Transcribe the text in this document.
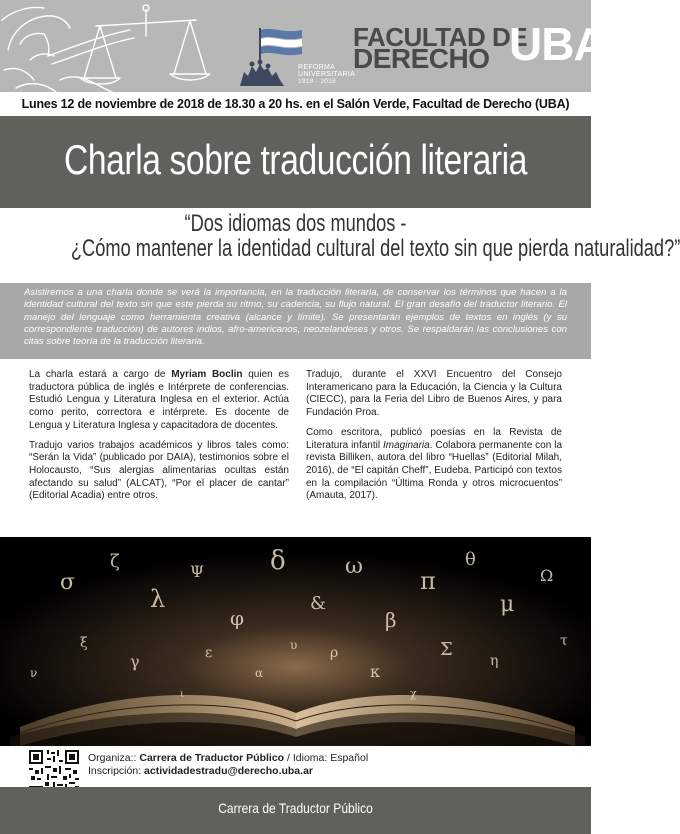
REFORMA
UNIVERSITARIA
1918 - 2018
FACULTAD DE
DERECHO UBA
Lunes 12 de noviembre de 2018 de 18.30 a 20 hs. en el Salón Verde, Facultad de Derecho (UBA)
Charla sobre traducción literaria
“Dos idiomas dos mundos -
¿Cómo mantener la identidad cultural del texto sin que pierda naturalidad?”

Asistiremos a una charla donde se verá la importancia, en la traducción literaria, de conservar los términos que hacen a la identidad cultural del texto sin que este pierda su ritmo, su cadencia, su flujo natural. El gran desafío del traductor literario. El manejo del lenguaje como herramienta creativa (alcance y límite). Se presentarán ejemplos de textos en inglés (y su correspondiente traducción) de autores indios, afro-americanos, neozelandeses y otros. Se respaldarán las conclusiones con citas sobre teoría de la traducción literaria.

La charla estará a cargo de Myriam Boclin quien es traductora pública de inglés e Intérprete de conferencias. Estudió Lengua y Literatura Inglesa en el exterior. Actúa como perito, correctora e intérprete. Es docente de Lengua y Literatura Inglesa y capacitadora de docentes.

Tradujo varios trabajos académicos y libros tales como: “Serán la Vida” (publicado por DAIA), testimonios sobre el Holocausto, “Sus alergias alimentarias ocultas están afectando su salud” (ALCAT), “Por el placer de cantar” (Editorial Acadia) entre otros.

Tradujo, durante el XXVI Encuentro del Consejo Interamericano para la Educación, la Ciencia y la Cultura (CIECC), para la Feria del Libro de Buenos Aires, y para Fundación Proa.

Como escritora, publicó poesías en la Revista de Literatura infantil Imaginaria. Colabora permanente con la revista Billiken, autora del libro “Huellas” (Editorial Milah, 2016), de “El capitán Cheff”, Eudeba. Participó con textos en la compilación “Última Ronda y otros microcuentos” (Amauta, 2017).

σ
ζ
λ
Ψ
φ
δ
&
ω
β
π
θ
μ
Ω
ξ
γ	ε
α
ρ
κ
Σ
η
ν
τ
ι	χ
υ
Organiza:: Carrera de Traductor Público / Idioma: Español
Inscripción: actividadestradu@derecho.uba.ar
Carrera de Traductor Público
